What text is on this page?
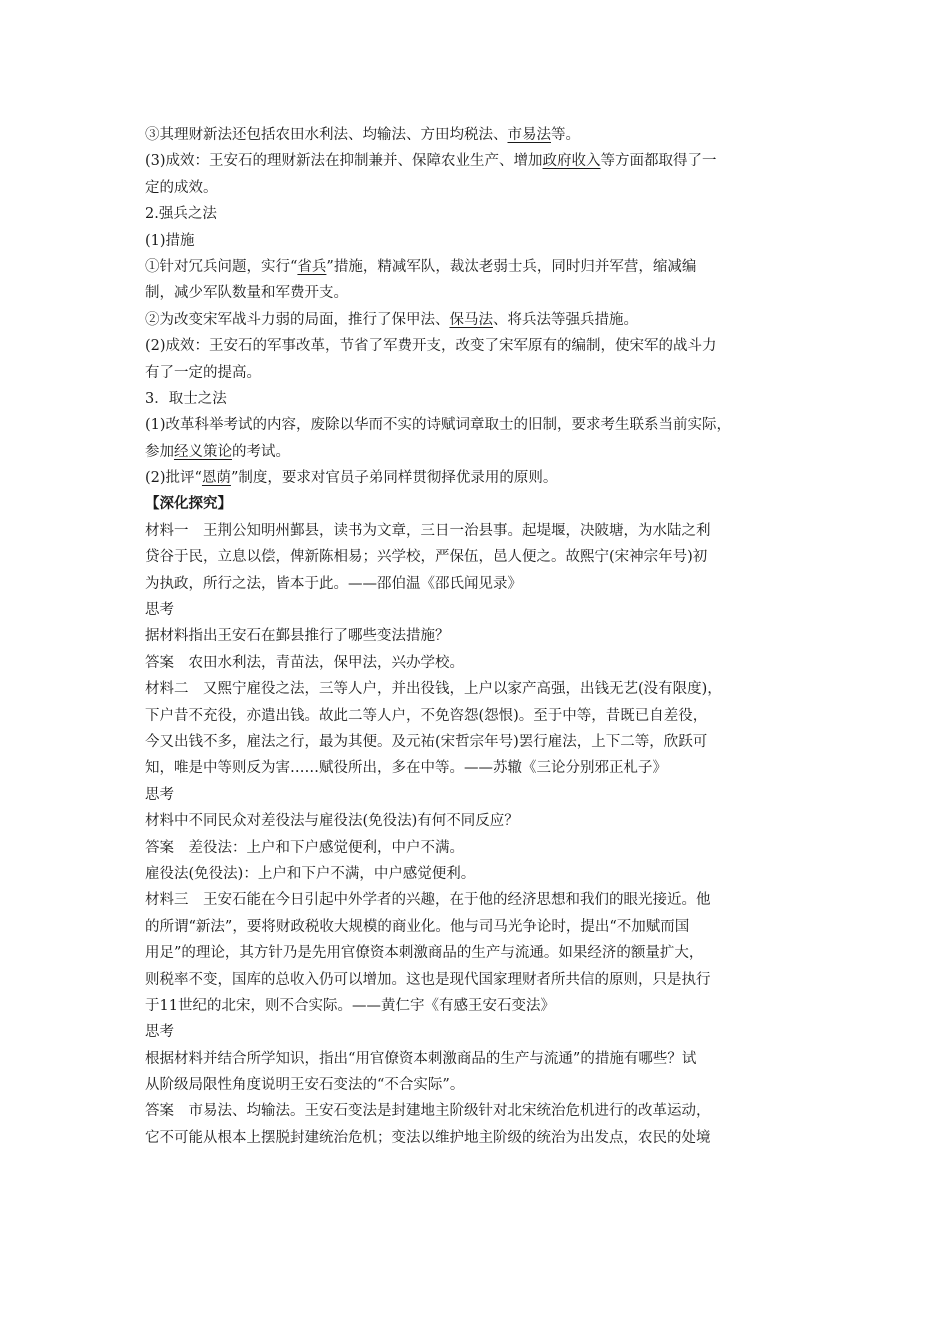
③其理财新法还包括农田水利法、均输法、方田均税法、市易法等。
(3)成效：王安石的理财新法在抑制兼并、保障农业生产、增加政府收入等方面都取得了一
定的成效。
2.强兵之法
(1)措施
①针对冗兵问题，实行“省兵”措施，精减军队，裁汰老弱士兵，同时归并军营，缩减编
制，减少军队数量和军费开支。
②为改变宋军战斗力弱的局面，推行了保甲法、保马法、将兵法等强兵措施。
(2)成效：王安石的军事改革，节省了军费开支，改变了宋军原有的编制，使宋军的战斗力
有了一定的提高。
3．取士之法
(1)改革科举考试的内容，废除以华而不实的诗赋词章取士的旧制，要求考生联系当前实际，
参加经义策论的考试。
(2)批评“恩荫”制度，要求对官员子弟同样贯彻择优录用的原则。
【深化探究】
材料一　王荆公知明州鄞县，读书为文章，三日一治县事。起堤堰，决陂塘，为水陆之利
贷谷于民，立息以偿，俾新陈相易；兴学校，严保伍，邑人便之。故熙宁(宋神宗年号)初
为执政，所行之法，皆本于此。——邵伯温《邵氏闻见录》
思考
据材料指出王安石在鄞县推行了哪些变法措施？
答案　农田水利法，青苗法，保甲法，兴办学校。
材料二　又熙宁雇役之法，三等人户，并出役钱，上户以家产高强，出钱无艺(没有限度)，
下户昔不充役，亦遣出钱。故此二等人户，不免咨怨(怨恨)。至于中等，昔既已自差役，
今又出钱不多，雇法之行，最为其便。及元祐(宋哲宗年号)罢行雇法，上下二等，欣跃可
知，唯是中等则反为害……赋役所出，多在中等。——苏辙《三论分别邪正札子》
思考
材料中不同民众对差役法与雇役法(免役法)有何不同反应？
答案　差役法：上户和下户感觉便利，中户不满。
雇役法(免役法)：上户和下户不满，中户感觉便利。
材料三　王安石能在今日引起中外学者的兴趣，在于他的经济思想和我们的眼光接近。他
的所谓“新法”，要将财政税收大规模的商业化。他与司马光争论时，提出“不加赋而国
用足”的理论，其方针乃是先用官僚资本刺激商品的生产与流通。如果经济的额量扩大，
则税率不变，国库的总收入仍可以增加。这也是现代国家理财者所共信的原则，只是执行
于11世纪的北宋，则不合实际。——黄仁宇《有感王安石变法》
思考
根据材料并结合所学知识，指出“用官僚资本刺激商品的生产与流通”的措施有哪些？试
从阶级局限性角度说明王安石变法的“不合实际”。
答案　市易法、均输法。王安石变法是封建地主阶级针对北宋统治危机进行的改革运动，
它不可能从根本上摆脱封建统治危机；变法以维护地主阶级的统治为出发点，农民的处境
